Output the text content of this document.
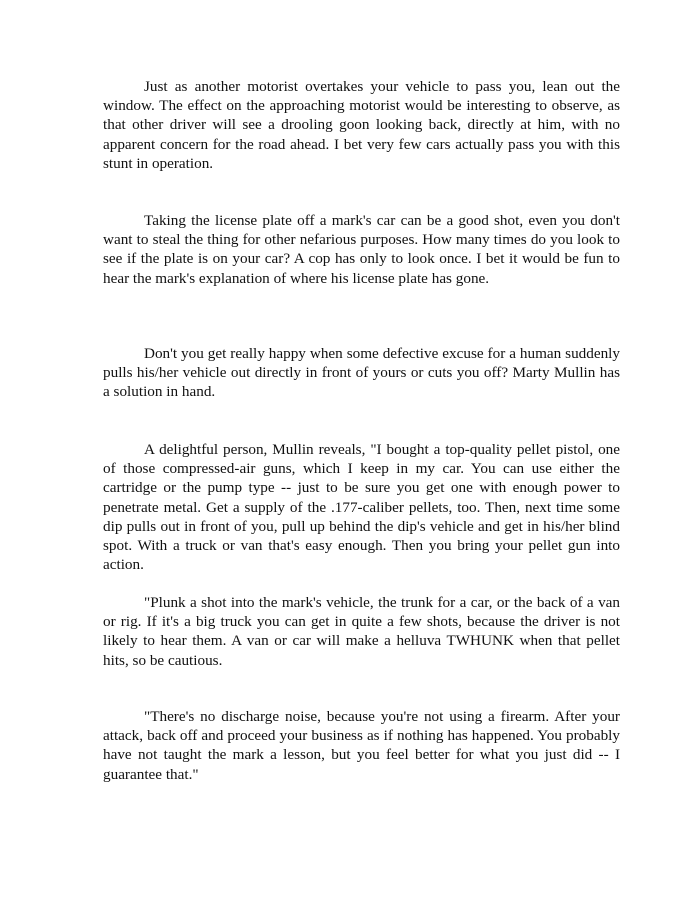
Just as another motorist overtakes your vehicle to pass you, lean out the window. The effect on the approaching motorist would be interesting to observe, as that other driver will see a drooling goon looking back, directly at him, with no apparent concern for the road ahead. I bet very few cars actually pass you with this stunt in operation.

Taking the license plate off a mark's car can be a good shot, even you don't want to steal the thing for other nefarious purposes. How many times do you look to see if the plate is on your car? A cop has only to look once. I bet it would be fun to hear the mark's explanation of where his license plate has gone.

Don't you get really happy when some defective excuse for a human suddenly pulls his/her vehicle out directly in front of yours or cuts you off? Marty Mullin has a solution in hand.

A delightful person, Mullin reveals, "I bought a top-quality pellet pistol, one of those compressed-air guns, which I keep in my car. You can use either the cartridge or the pump type -- just to be sure you get one with enough power to penetrate metal. Get a supply of the .177-caliber pellets, too. Then, next time some dip pulls out in front of you, pull up behind the dip's vehicle and get in his/her blind spot. With a truck or van that's easy enough. Then you bring your pellet gun into action.

"Plunk a shot into the mark's vehicle, the trunk for a car, or the back of a van or rig. If it's a big truck you can get in quite a few shots, because the driver is not likely to hear them. A van or car will make a helluva TWHUNK when that pellet hits, so be cautious.

"There's no discharge noise, because you're not using a firearm. After your attack, back off and proceed your business as if nothing has happened. You probably have not taught the mark a lesson, but you feel better for what you just did -- I guarantee that."
